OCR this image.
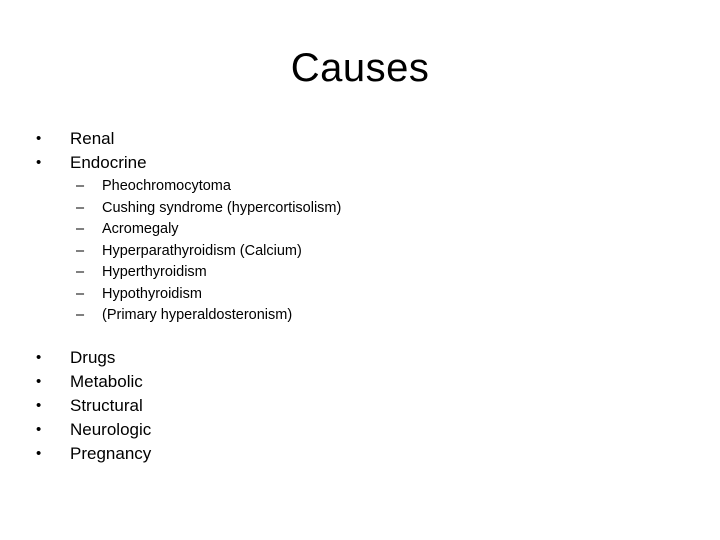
Causes
•	Renal
•	Endocrine
–	Pheochromocytoma
–	Cushing syndrome (hypercortisolism)
–	Acromegaly
–	Hyperparathyroidism (Calcium)
–	Hyperthyroidism
–	Hypothyroidism
–	(Primary hyperaldosteronism)
•	Drugs
•	Metabolic
•	Structural
•	Neurologic
•	Pregnancy
